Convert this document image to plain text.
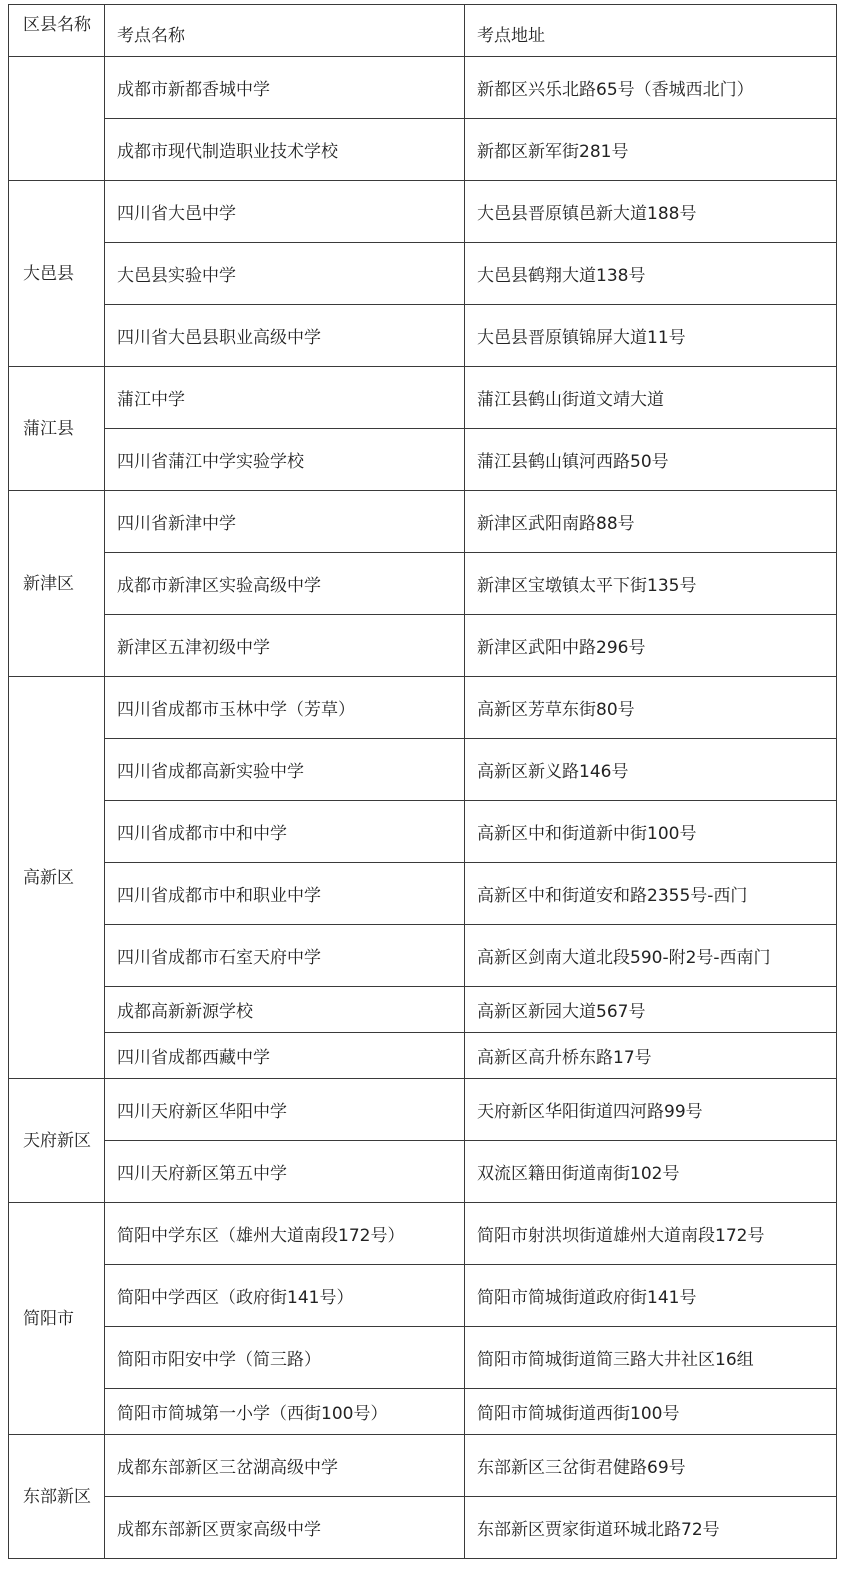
区县名称	考点名称	考点地址

	成都市新都香城中学	新都区兴乐北路65号（香城西北门）
	成都市现代制造职业技术学校	新都区新军街281号

大邑县	四川省大邑中学	大邑县晋原镇邑新大道188号
	大邑县实验中学	大邑县鹤翔大道138号
	四川省大邑县职业高级中学	大邑县晋原镇锦屏大道11号

蒲江县	蒲江中学	蒲江县鹤山街道文靖大道
	四川省蒲江中学实验学校	蒲江县鹤山镇河西路50号

新津区	四川省新津中学	新津区武阳南路88号
	成都市新津区实验高级中学	新津区宝墩镇太平下街135号
	新津区五津初级中学	新津区武阳中路296号

高新区	四川省成都市玉林中学（芳草）	高新区芳草东街80号
	四川省成都高新实验中学	高新区新义路146号
	四川省成都市中和中学	高新区中和街道新中街100号
	四川省成都市中和职业中学	高新区中和街道安和路2355号-西门
	四川省成都市石室天府中学	高新区剑南大道北段590-附2号-西南门
	成都高新新源学校	高新区新园大道567号
	四川省成都西藏中学	高新区高升桥东路17号

天府新区	四川天府新区华阳中学	天府新区华阳街道四河路99号
	四川天府新区第五中学	双流区籍田街道南街102号

简阳市	简阳中学东区（雄州大道南段172号）	简阳市射洪坝街道雄州大道南段172号
	简阳中学西区（政府街141号）	简阳市简城街道政府街141号
	简阳市阳安中学（简三路）	简阳市简城街道简三路大井社区16组
	简阳市简城第一小学（西街100号）	简阳市简城街道西街100号

东部新区	成都东部新区三岔湖高级中学	东部新区三岔街君健路69号
	成都东部新区贾家高级中学	东部新区贾家街道环城北路72号
